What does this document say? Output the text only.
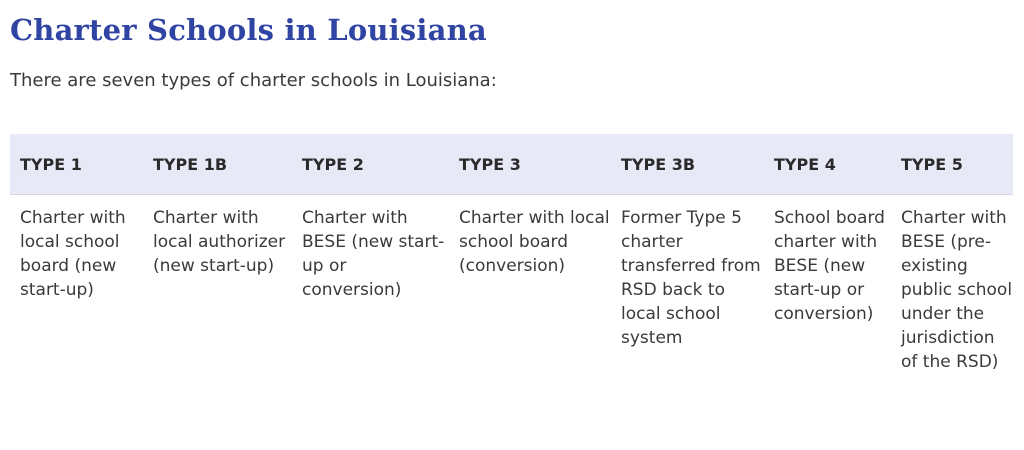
Charter Schools in Louisiana

There are seven types of charter schools in Louisiana:

TYPE 1	TYPE 1B	TYPE 2	TYPE 3	TYPE 3B	TYPE 4	TYPE 5
Charter with local school board (new start-up)	Charter with local authorizer (new start-up)	Charter with BESE (new start-up or conversion)	Charter with local school board (conversion)	Former Type 5 charter transferred from RSD back to local school system	School board charter with BESE (new start-up or conversion)	Charter with BESE (pre-existing public school under the jurisdiction of the RSD)
